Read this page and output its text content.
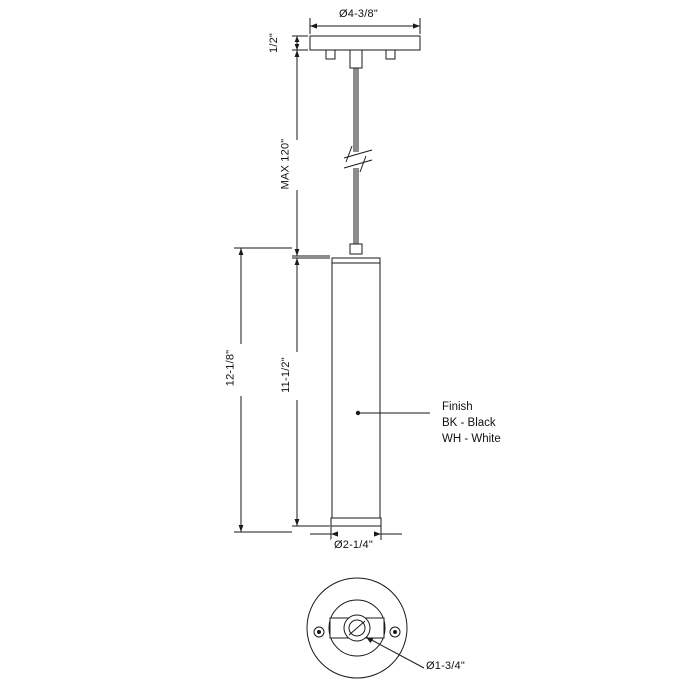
Ø4-3/8"
1/2"
MAX 120"
11-1/2"
12-1/8"
Ø2-1/4"
Ø1-3/4"
Finish
BK - Black
WH - White
